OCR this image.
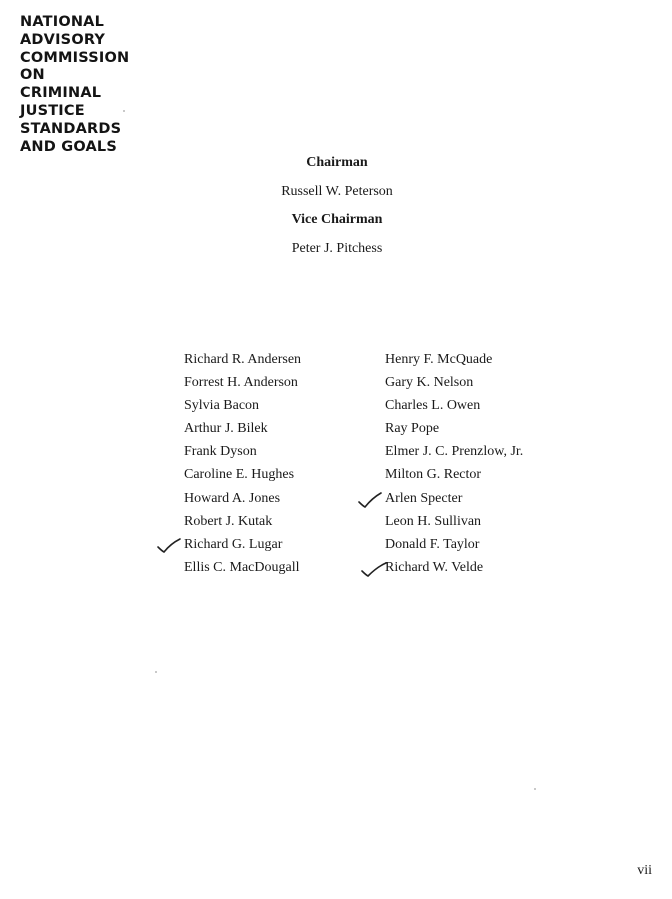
NATIONAL
ADVISORY
COMMISSION
ON
CRIMINAL
JUSTICE
STANDARDS
AND GOALS
Chairman
Russell W. Peterson
Vice Chairman
Peter J. Pitchess
Richard R. Andersen
Forrest H. Anderson
Sylvia Bacon
Arthur J. Bilek
Frank Dyson
Caroline E. Hughes
Howard A. Jones
Robert J. Kutak
Richard G. Lugar
Ellis C. MacDougall
Henry F. McQuade
Gary K. Nelson
Charles L. Owen
Ray Pope
Elmer J. C. Prenzlow, Jr.
Milton G. Rector
Arlen Specter
Leon H. Sullivan
Donald F. Taylor
Richard W. Velde
vii
